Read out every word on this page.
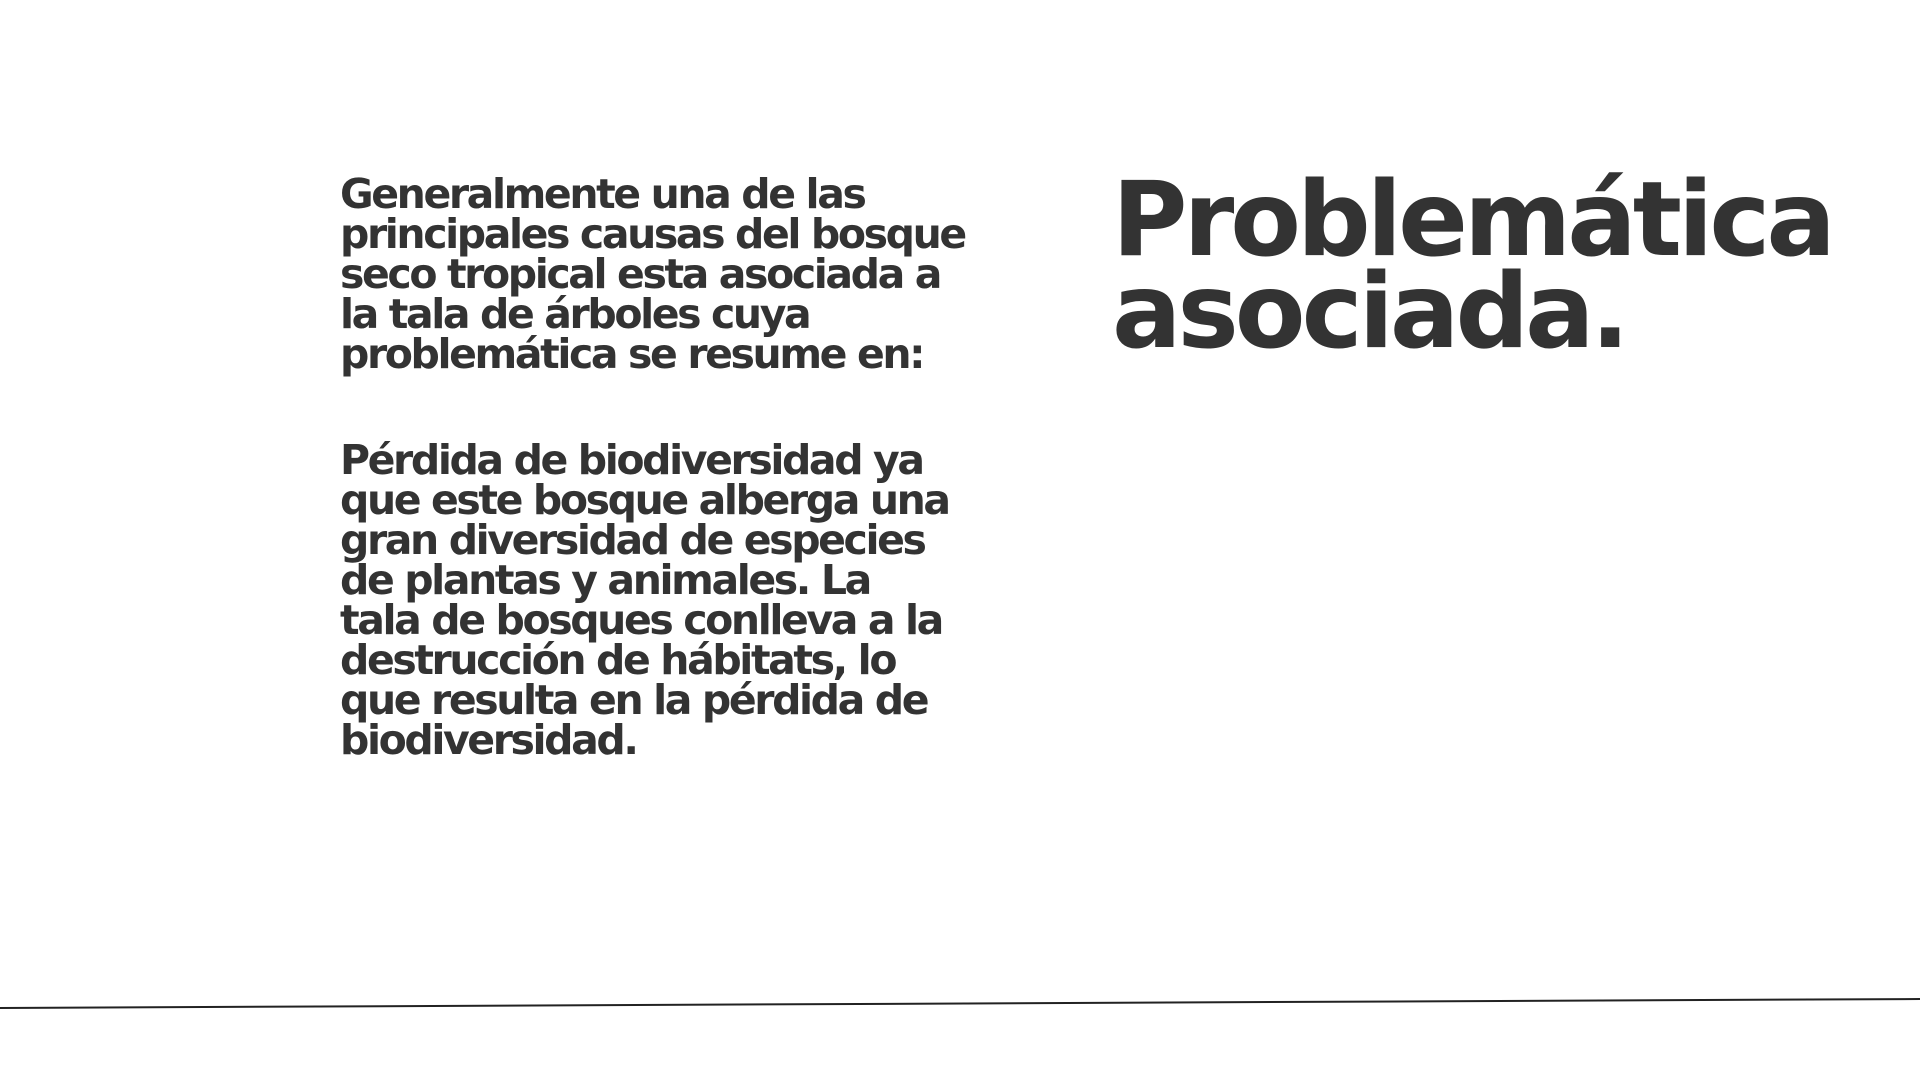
Generalmente una de las principales causas del bosque seco tropical esta asociada a la tala de árboles cuya problemática se resume en:

Pérdida de biodiversidad ya que este bosque alberga una gran diversidad de especies de plantas y animales. La tala de bosques conlleva a la destrucción de hábitats, lo que resulta en la pérdida de biodiversidad.

Problemática
asociada.
